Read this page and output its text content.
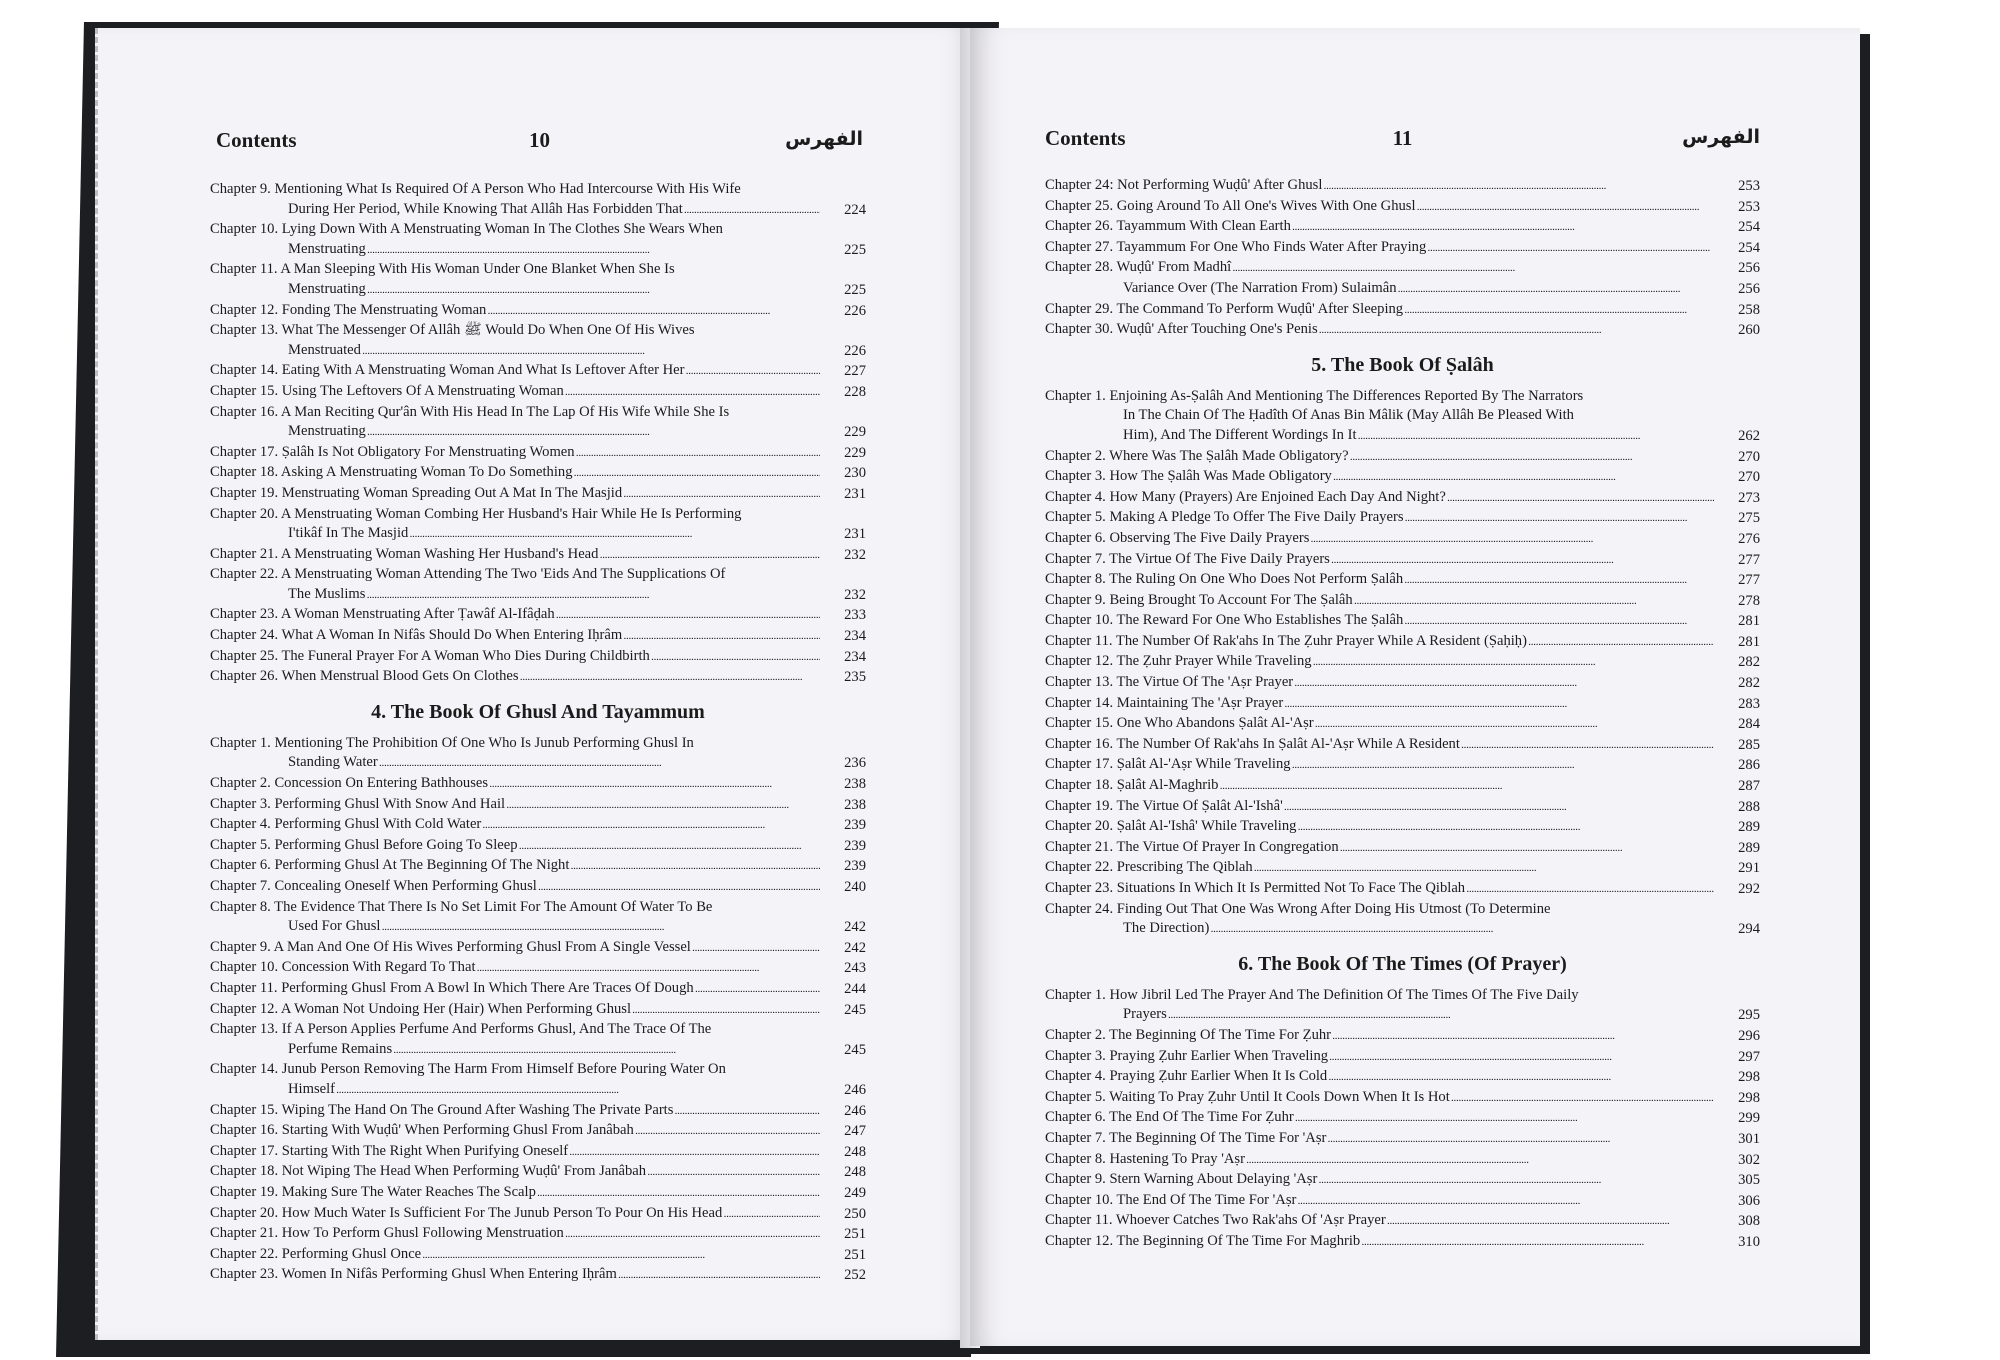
Contents	10	الفهرس
Chapter 9. Mentioning What Is Required Of A Person Who Had Intercourse With His Wife
During Her Period, While Knowing That Allâh Has Forbidden That . . .	224
Chapter 10. Lying Down With A Menstruating Woman In The Clothes She Wears When
Menstruating . . .	225
Chapter 11. A Man Sleeping With His Woman Under One Blanket When She Is
Menstruating . . .	225
Chapter 12. Fonding The Menstruating Woman . . .	226
Chapter 13. What The Messenger Of Allâh ﷺ Would Do When One Of His Wives
Menstruated . . .	226
Chapter 14. Eating With A Menstruating Woman And What Is Leftover After Her . . .	227
Chapter 15. Using The Leftovers Of A Menstruating Woman . . .	228
Chapter 16. A Man Reciting Qur'ân With His Head In The Lap Of His Wife While She Is
Menstruating . . .	229
Chapter 17. Ṣalâh Is Not Obligatory For Menstruating Women . . .	229
Chapter 18. Asking A Menstruating Woman To Do Something . . .	230
Chapter 19. Menstruating Woman Spreading Out A Mat In The Masjid . . .	231
Chapter 20. A Menstruating Woman Combing Her Husband's Hair While He Is Performing
I'tikâf In The Masjid . . .	231
Chapter 21. A Menstruating Woman Washing Her Husband's Head . . .	232
Chapter 22. A Menstruating Woman Attending The Two 'Eids And The Supplications Of
The Muslims . . .	232
Chapter 23. A Woman Menstruating After Ṭawâf Al-Ifâḍah . . .	233
Chapter 24. What A Woman In Nifâs Should Do When Entering Iḥrâm . . .	234
Chapter 25. The Funeral Prayer For A Woman Who Dies During Childbirth . . .	234
Chapter 26. When Menstrual Blood Gets On Clothes . . .	235
4. The Book Of Ghusl And Tayammum
Chapter 1. Mentioning The Prohibition Of One Who Is Junub Performing Ghusl In
Standing Water . . .	236
Chapter 2. Concession On Entering Bathhouses . . .	238
Chapter 3. Performing Ghusl With Snow And Hail . . .	238
Chapter 4. Performing Ghusl With Cold Water . . .	239
Chapter 5. Performing Ghusl Before Going To Sleep . . .	239
Chapter 6. Performing Ghusl At The Beginning Of The Night . . .	239
Chapter 7. Concealing Oneself When Performing Ghusl . . .	240
Chapter 8. The Evidence That There Is No Set Limit For The Amount Of Water To Be
Used For Ghusl . . .	242
Chapter 9. A Man And One Of His Wives Performing Ghusl From A Single Vessel . . .	242
Chapter 10. Concession With Regard To That . . .	243
Chapter 11. Performing Ghusl From A Bowl In Which There Are Traces Of Dough . . .	244
Chapter 12. A Woman Not Undoing Her (Hair) When Performing Ghusl . . .	245
Chapter 13. If A Person Applies Perfume And Performs Ghusl, And The Trace Of The
Perfume Remains . . .	245
Chapter 14. Junub Person Removing The Harm From Himself Before Pouring Water On
Himself . . .	246
Chapter 15. Wiping The Hand On The Ground After Washing The Private Parts . . .	246
Chapter 16. Starting With Wuḍû' When Performing Ghusl From Janâbah . . .	247
Chapter 17. Starting With The Right When Purifying Oneself . . .	248
Chapter 18. Not Wiping The Head When Performing Wuḍû' From Janâbah . . .	248
Chapter 19. Making Sure The Water Reaches The Scalp . . .	249
Chapter 20. How Much Water Is Sufficient For The Junub Person To Pour On His Head . . .	250
Chapter 21. How To Perform Ghusl Following Menstruation . . .	251
Chapter 22. Performing Ghusl Once . . .	251
Chapter 23. Women In Nifâs Performing Ghusl When Entering Iḥrâm . . .	252
Contents	11	الفهرس
Chapter 24: Not Performing Wuḍû' After Ghusl . . .	253
Chapter 25. Going Around To All One's Wives With One Ghusl . . .	253
Chapter 26. Tayammum With Clean Earth . . .	254
Chapter 27. Tayammum For One Who Finds Water After Praying . . .	254
Chapter 28. Wuḍû' From Madhî . . .	256
Variance Over (The Narration From) Sulaimân . . .	256
Chapter 29. The Command To Perform Wuḍû' After Sleeping . . .	258
Chapter 30. Wuḍû' After Touching One's Penis . . .	260
5. The Book Of Ṣalâh
Chapter 1. Enjoining As-Ṣalâh And Mentioning The Differences Reported By The Narrators
In The Chain Of The Ḥadîth Of Anas Bin Mâlik (May Allâh Be Pleased With
Him), And The Different Wordings In It . . .	262
Chapter 2. Where Was The Ṣalâh Made Obligatory? . . .	270
Chapter 3. How The Ṣalâh Was Made Obligatory . . .	270
Chapter 4. How Many (Prayers) Are Enjoined Each Day And Night? . . .	273
Chapter 5. Making A Pledge To Offer The Five Daily Prayers . . .	275
Chapter 6. Observing The Five Daily Prayers . . .	276
Chapter 7. The Virtue Of The Five Daily Prayers . . .	277
Chapter 8. The Ruling On One Who Does Not Perform Ṣalâh . . .	277
Chapter 9. Being Brought To Account For The Ṣalâh . . .	278
Chapter 10. The Reward For One Who Establishes The Ṣalâh . . .	281
Chapter 11. The Number Of Rak'ahs In The Ẓuhr Prayer While A Resident (Ṣaḥiḥ) . . .	281
Chapter 12. The Ẓuhr Prayer While Traveling . . .	282
Chapter 13. The Virtue Of The 'Aṣr Prayer . . .	282
Chapter 14. Maintaining The 'Aṣr Prayer . . .	283
Chapter 15. One Who Abandons Ṣalât Al-'Aṣr . . .	284
Chapter 16. The Number Of Rak'ahs In Ṣalât Al-'Aṣr While A Resident . . .	285
Chapter 17. Ṣalât Al-'Aṣr While Traveling . . .	286
Chapter 18. Ṣalât Al-Maghrib . . .	287
Chapter 19. The Virtue Of Ṣalât Al-'Ishâ' . . .	288
Chapter 20. Ṣalât Al-'Ishâ' While Traveling . . .	289
Chapter 21. The Virtue Of Prayer In Congregation . . .	289
Chapter 22. Prescribing The Qiblah . . .	291
Chapter 23. Situations In Which It Is Permitted Not To Face The Qiblah . . .	292
Chapter 24. Finding Out That One Was Wrong After Doing His Utmost (To Determine
The Direction) . . .	294
6. The Book Of The Times (Of Prayer)
Chapter 1. How Jibril Led The Prayer And The Definition Of The Times Of The Five Daily
Prayers . . .	295
Chapter 2. The Beginning Of The Time For Ẓuhr . . .	296
Chapter 3. Praying Ẓuhr Earlier When Traveling . . .	297
Chapter 4. Praying Ẓuhr Earlier When It Is Cold . . .	298
Chapter 5. Waiting To Pray Ẓuhr Until It Cools Down When It Is Hot . . .	298
Chapter 6. The End Of The Time For Ẓuhr . . .	299
Chapter 7. The Beginning Of The Time For 'Aṣr . . .	301
Chapter 8. Hastening To Pray 'Aṣr . . .	302
Chapter 9. Stern Warning About Delaying 'Aṣr . . .	305
Chapter 10. The End Of The Time For 'Aṣr . . .	306
Chapter 11. Whoever Catches Two Rak'ahs Of 'Aṣr Prayer . . .	308
Chapter 12. The Beginning Of The Time For Maghrib . . .	310
